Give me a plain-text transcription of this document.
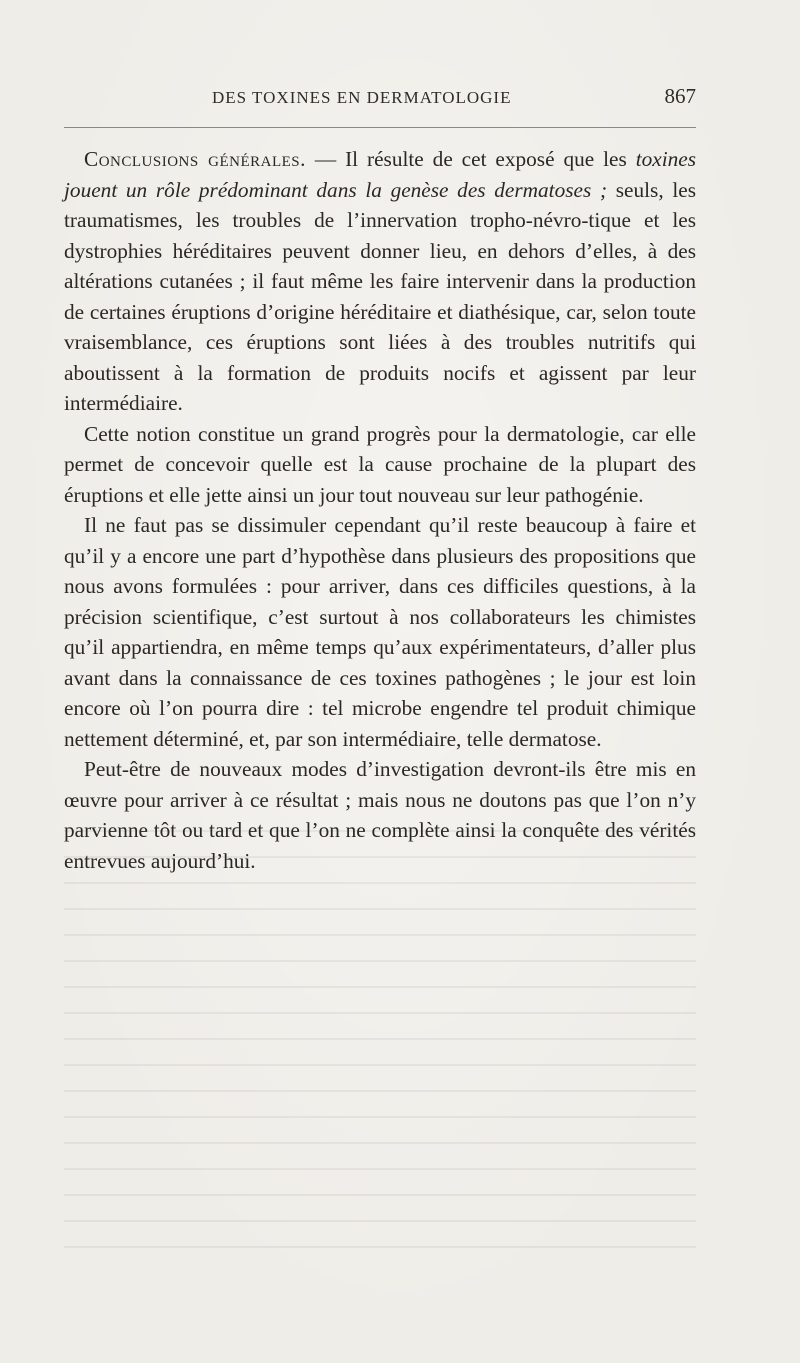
DES TOXINES EN DERMATOLOGIE	867

Conclusions générales. — Il résulte de cet exposé que les toxines jouent un rôle prédominant dans la genèse des dermatoses ; seuls, les traumatismes, les troubles de l’innervation tropho-névro-tique et les dystrophies héréditaires peuvent donner lieu, en dehors d’elles, à des altérations cutanées ; il faut même les faire intervenir dans la production de certaines éruptions d’origine héréditaire et diathésique, car, selon toute vraisemblance, ces éruptions sont liées à des troubles nutritifs qui aboutissent à la formation de produits nocifs et agissent par leur intermédiaire.

Cette notion constitue un grand progrès pour la dermatologie, car elle permet de concevoir quelle est la cause prochaine de la plupart des éruptions et elle jette ainsi un jour tout nouveau sur leur pathogénie.

Il ne faut pas se dissimuler cependant qu’il reste beaucoup à faire et qu’il y a encore une part d’hypothèse dans plusieurs des propositions que nous avons formulées : pour arriver, dans ces difficiles questions, à la précision scientifique, c’est surtout à nos collaborateurs les chimistes qu’il appartiendra, en même temps qu’aux expérimentateurs, d’aller plus avant dans la connaissance de ces toxines pathogènes ; le jour est loin encore où l’on pourra dire : tel microbe engendre tel produit chimique nettement déterminé, et, par son intermédiaire, telle dermatose.

Peut-être de nouveaux modes d’investigation devront-ils être mis en œuvre pour arriver à ce résultat ; mais nous ne doutons pas que l’on n’y parvienne tôt ou tard et que l’on ne complète ainsi la conquête des vérités entrevues aujourd’hui.
